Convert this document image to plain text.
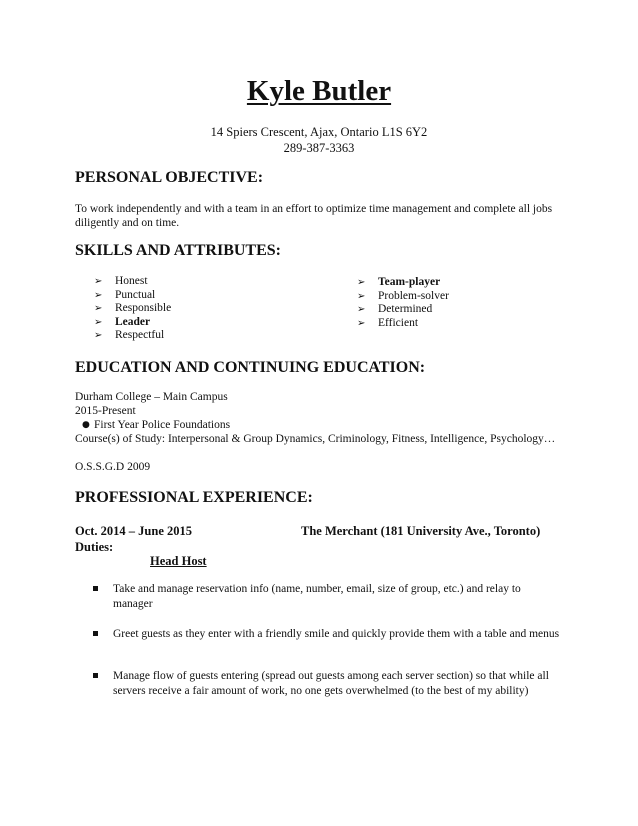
Kyle Butler
14 Spiers Crescent, Ajax, Ontario L1S 6Y2
289-387-3363
PERSONAL OBJECTIVE:
To work independently and with a team in an effort to optimize time management and complete all jobs diligently and on time.
SKILLS AND ATTRIBUTES:
➢ Honest
➢ Punctual
➢ Responsible
➢ Leader
➢ Respectful
➢ Team-player
➢ Problem-solver
➢ Determined
➢ Efficient
EDUCATION AND CONTINUING EDUCATION:
Durham College – Main Campus
2015-Present
● First Year Police Foundations
Course(s) of Study: Interpersonal & Group Dynamics, Criminology, Fitness, Intelligence, Psychology…
O.S.S.G.D 2009
PROFESSIONAL EXPERIENCE:
Oct. 2014 – June 2015	The Merchant (181 University Ave., Toronto)
Duties:
Head Host
Take and manage reservation info (name, number, email, size of group, etc.) and relay to manager
Greet guests as they enter with a friendly smile and quickly provide them with a table and menus
Manage flow of guests entering (spread out guests among each server section) so that while all servers receive a fair amount of work, no one gets overwhelmed (to the best of my ability)
